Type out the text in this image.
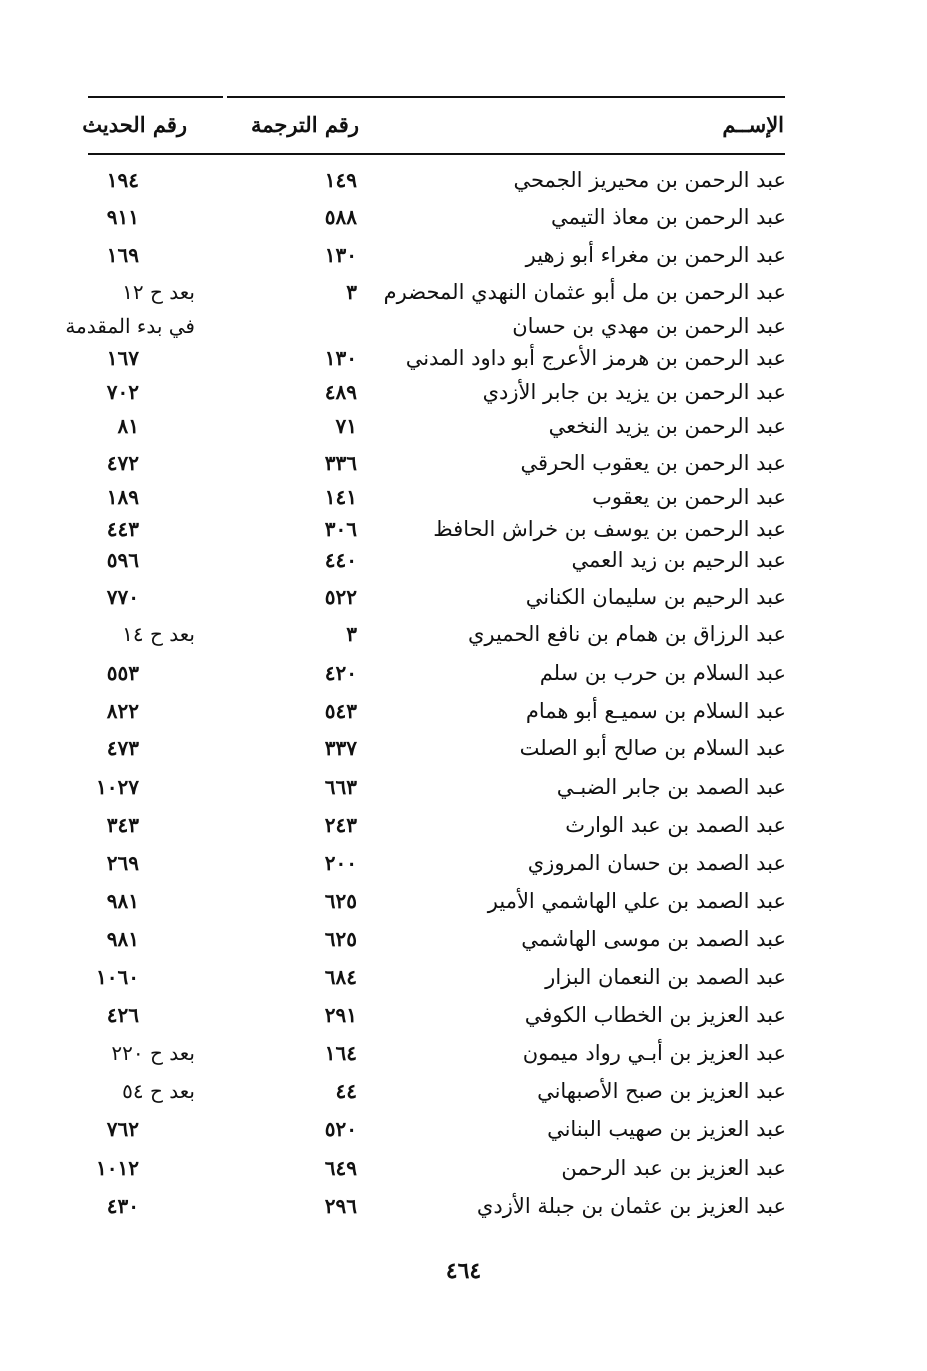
الإســم
رقم الترجمة
رقم الحديث
عبد الرحمن بن محيريز الجمحي
١٤٩
١٩٤
عبد الرحمن بن معاذ التيمي
٥٨٨
٩١١
عبد الرحمن بن مغراء أبو زهير
١٣٠
١٦٩
عبد الرحمن بن مل أبو عثمان النهدي المحضرم
٣
بعد ح ١٢
عبد الرحمن بن مهدي بن حسان
في بدء المقدمة
عبد الرحمن بن هرمز الأعرج أبو داود المدني
١٣٠
١٦٧
عبد الرحمن بن يزيد بن جابر الأزدي
٤٨٩
٧٠٢
عبد الرحمن بن يزيد النخعي
٧١
٨١
عبد الرحمن بن يعقوب الحرقي
٣٣٦
٤٧٢
عبد الرحمن بن يعقوب
١٤١
١٨٩
عبد الرحمن بن يوسف بن خراش الحافظ
٣٠٦
٤٤٣
عبد الرحيم بن زيد العمي
٤٤٠
٥٩٦
عبد الرحيم بن سليمان الكناني
٥٢٢
٧٧٠
عبد الرزاق بن همام بن نافع الحميري
٣
بعد ح ١٤
عبد السلام بن حرب بن سلم
٤٢٠
٥٥٣
عبد السلام بن سميـع أبو همام
٥٤٣
٨٢٢
عبد السلام بن صالح أبو الصلت
٣٣٧
٤٧٣
عبد الصمد بن جابر الضبـي
٦٦٣
١٠٢٧
عبد الصمد بن عبد الوارث
٢٤٣
٣٤٣
عبد الصمد بن حسان المروزي
٢٠٠
٢٦٩
عبد الصمد بن علي الهاشمي الأمير
٦٢٥
٩٨١
عبد الصمد بن موسى الهاشمي
٦٢٥
٩٨١
عبد الصمد بن النعمان البزار
٦٨٤
١٠٦٠
عبد العزيز بن الخطاب الكوفي
٢٩١
٤٢٦
عبد العزيز بن أبـي رواد ميمون
١٦٤
بعد ح ٢٢٠
عبد العزيز بن صبح الأصبهاني
٤٤
بعد ح ٥٤
عبد العزيز بن صهيب البناني
٥٢٠
٧٦٢
عبد العزيز بن عبد الرحمن
٦٤٩
١٠١٢
عبد العزيز بن عثمان بن جبلة الأزدي
٢٩٦
٤٣٠
٤٦٤
